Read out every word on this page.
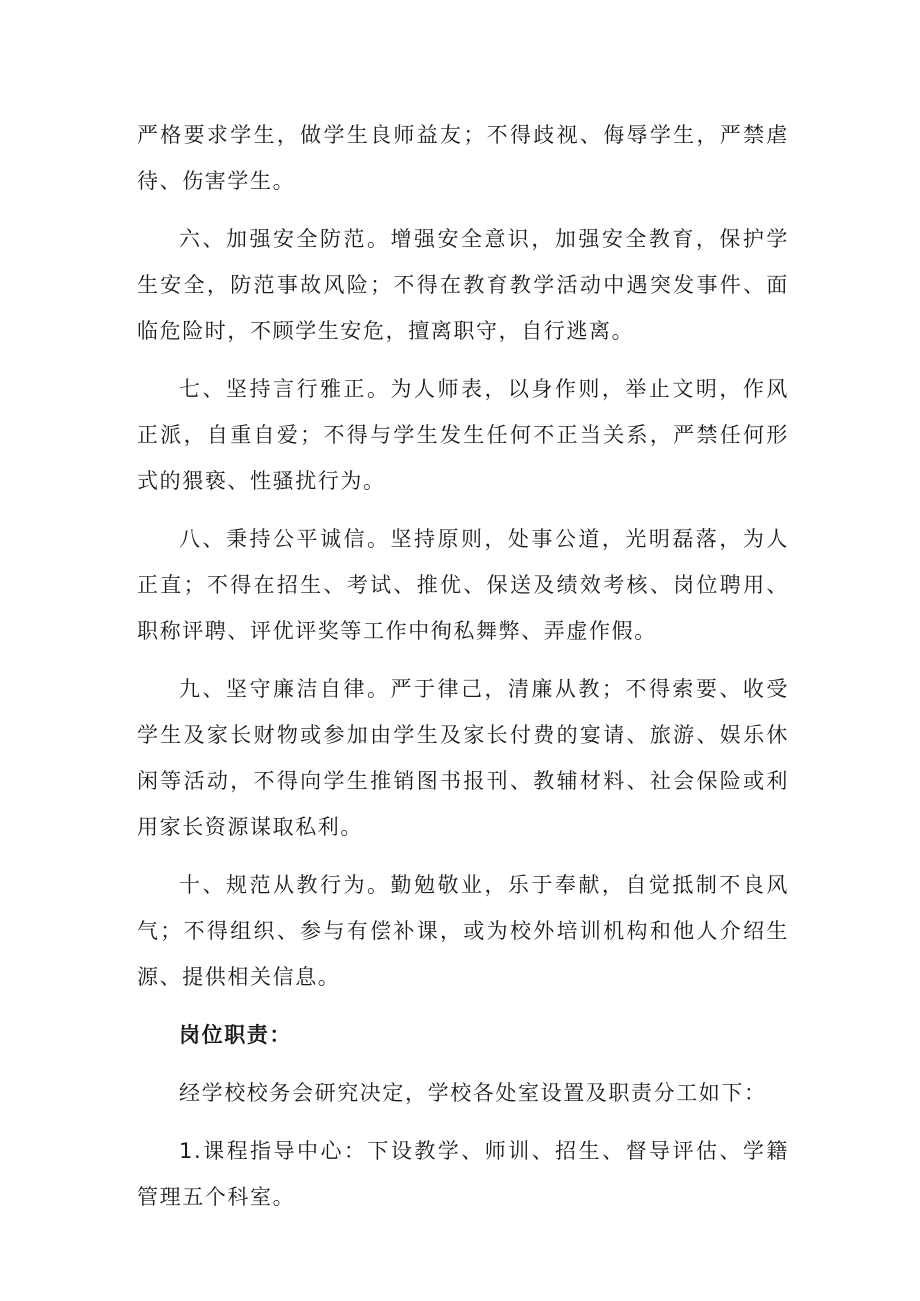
严格要求学生，做学生良师益友；不得歧视、侮辱学生，严禁虐待、伤害学生。

六、加强安全防范。增强安全意识，加强安全教育，保护学生安全，防范事故风险；不得在教育教学活动中遇突发事件、面临危险时，不顾学生安危，擅离职守，自行逃离。

七、坚持言行雅正。为人师表，以身作则，举止文明，作风正派，自重自爱；不得与学生发生任何不正当关系，严禁任何形式的猥亵、性骚扰行为。

八、秉持公平诚信。坚持原则，处事公道，光明磊落，为人正直；不得在招生、考试、推优、保送及绩效考核、岗位聘用、职称评聘、评优评奖等工作中徇私舞弊、弄虚作假。

九、坚守廉洁自律。严于律己，清廉从教；不得索要、收受学生及家长财物或参加由学生及家长付费的宴请、旅游、娱乐休闲等活动，不得向学生推销图书报刊、教辅材料、社会保险或利用家长资源谋取私利。

十、规范从教行为。勤勉敬业，乐于奉献，自觉抵制不良风气；不得组织、参与有偿补课，或为校外培训机构和他人介绍生源、提供相关信息。

岗位职责：

经学校校务会研究决定，学校各处室设置及职责分工如下：

1.课程指导中心：下设教学、师训、招生、督导评估、学籍管理五个科室。
